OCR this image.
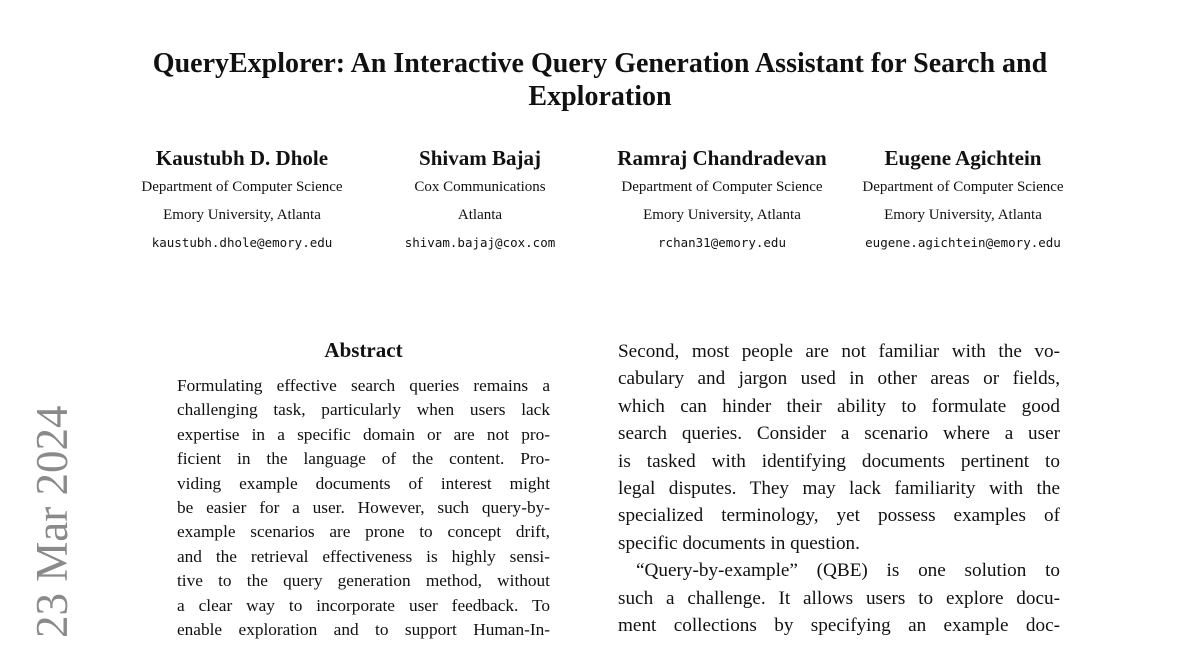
QueryExplorer: An Interactive Query Generation Assistant for Search and
Exploration
Kaustubh D. Dhole
Department of Computer Science
Emory University, Atlanta
kaustubh.dhole@emory.edu
Shivam Bajaj
Cox Communications
Atlanta
shivam.bajaj@cox.com
Ramraj Chandradevan
Department of Computer Science
Emory University, Atlanta
rchan31@emory.edu
Eugene Agichtein
Department of Computer Science
Emory University, Atlanta
eugene.agichtein@emory.edu
23 Mar 2024
Abstract
Formulating effective search queries remains a
challenging task, particularly when users lack
expertise in a specific domain or are not pro-
ficient in the language of the content. Pro-
viding example documents of interest might
be easier for a user. However, such query-by-
example scenarios are prone to concept drift,
and the retrieval effectiveness is highly sensi-
tive to the query generation method, without
a clear way to incorporate user feedback. To
enable exploration and to support Human-In-
Second, most people are not familiar with the vo-
cabulary and jargon used in other areas or fields,
which can hinder their ability to formulate good
search queries. Consider a scenario where a user
is tasked with identifying documents pertinent to
legal disputes. They may lack familiarity with the
specialized terminology, yet possess examples of
specific documents in question.
“Query-by-example” (QBE) is one solution to
such a challenge. It allows users to explore docu-
ment collections by specifying an example doc-
